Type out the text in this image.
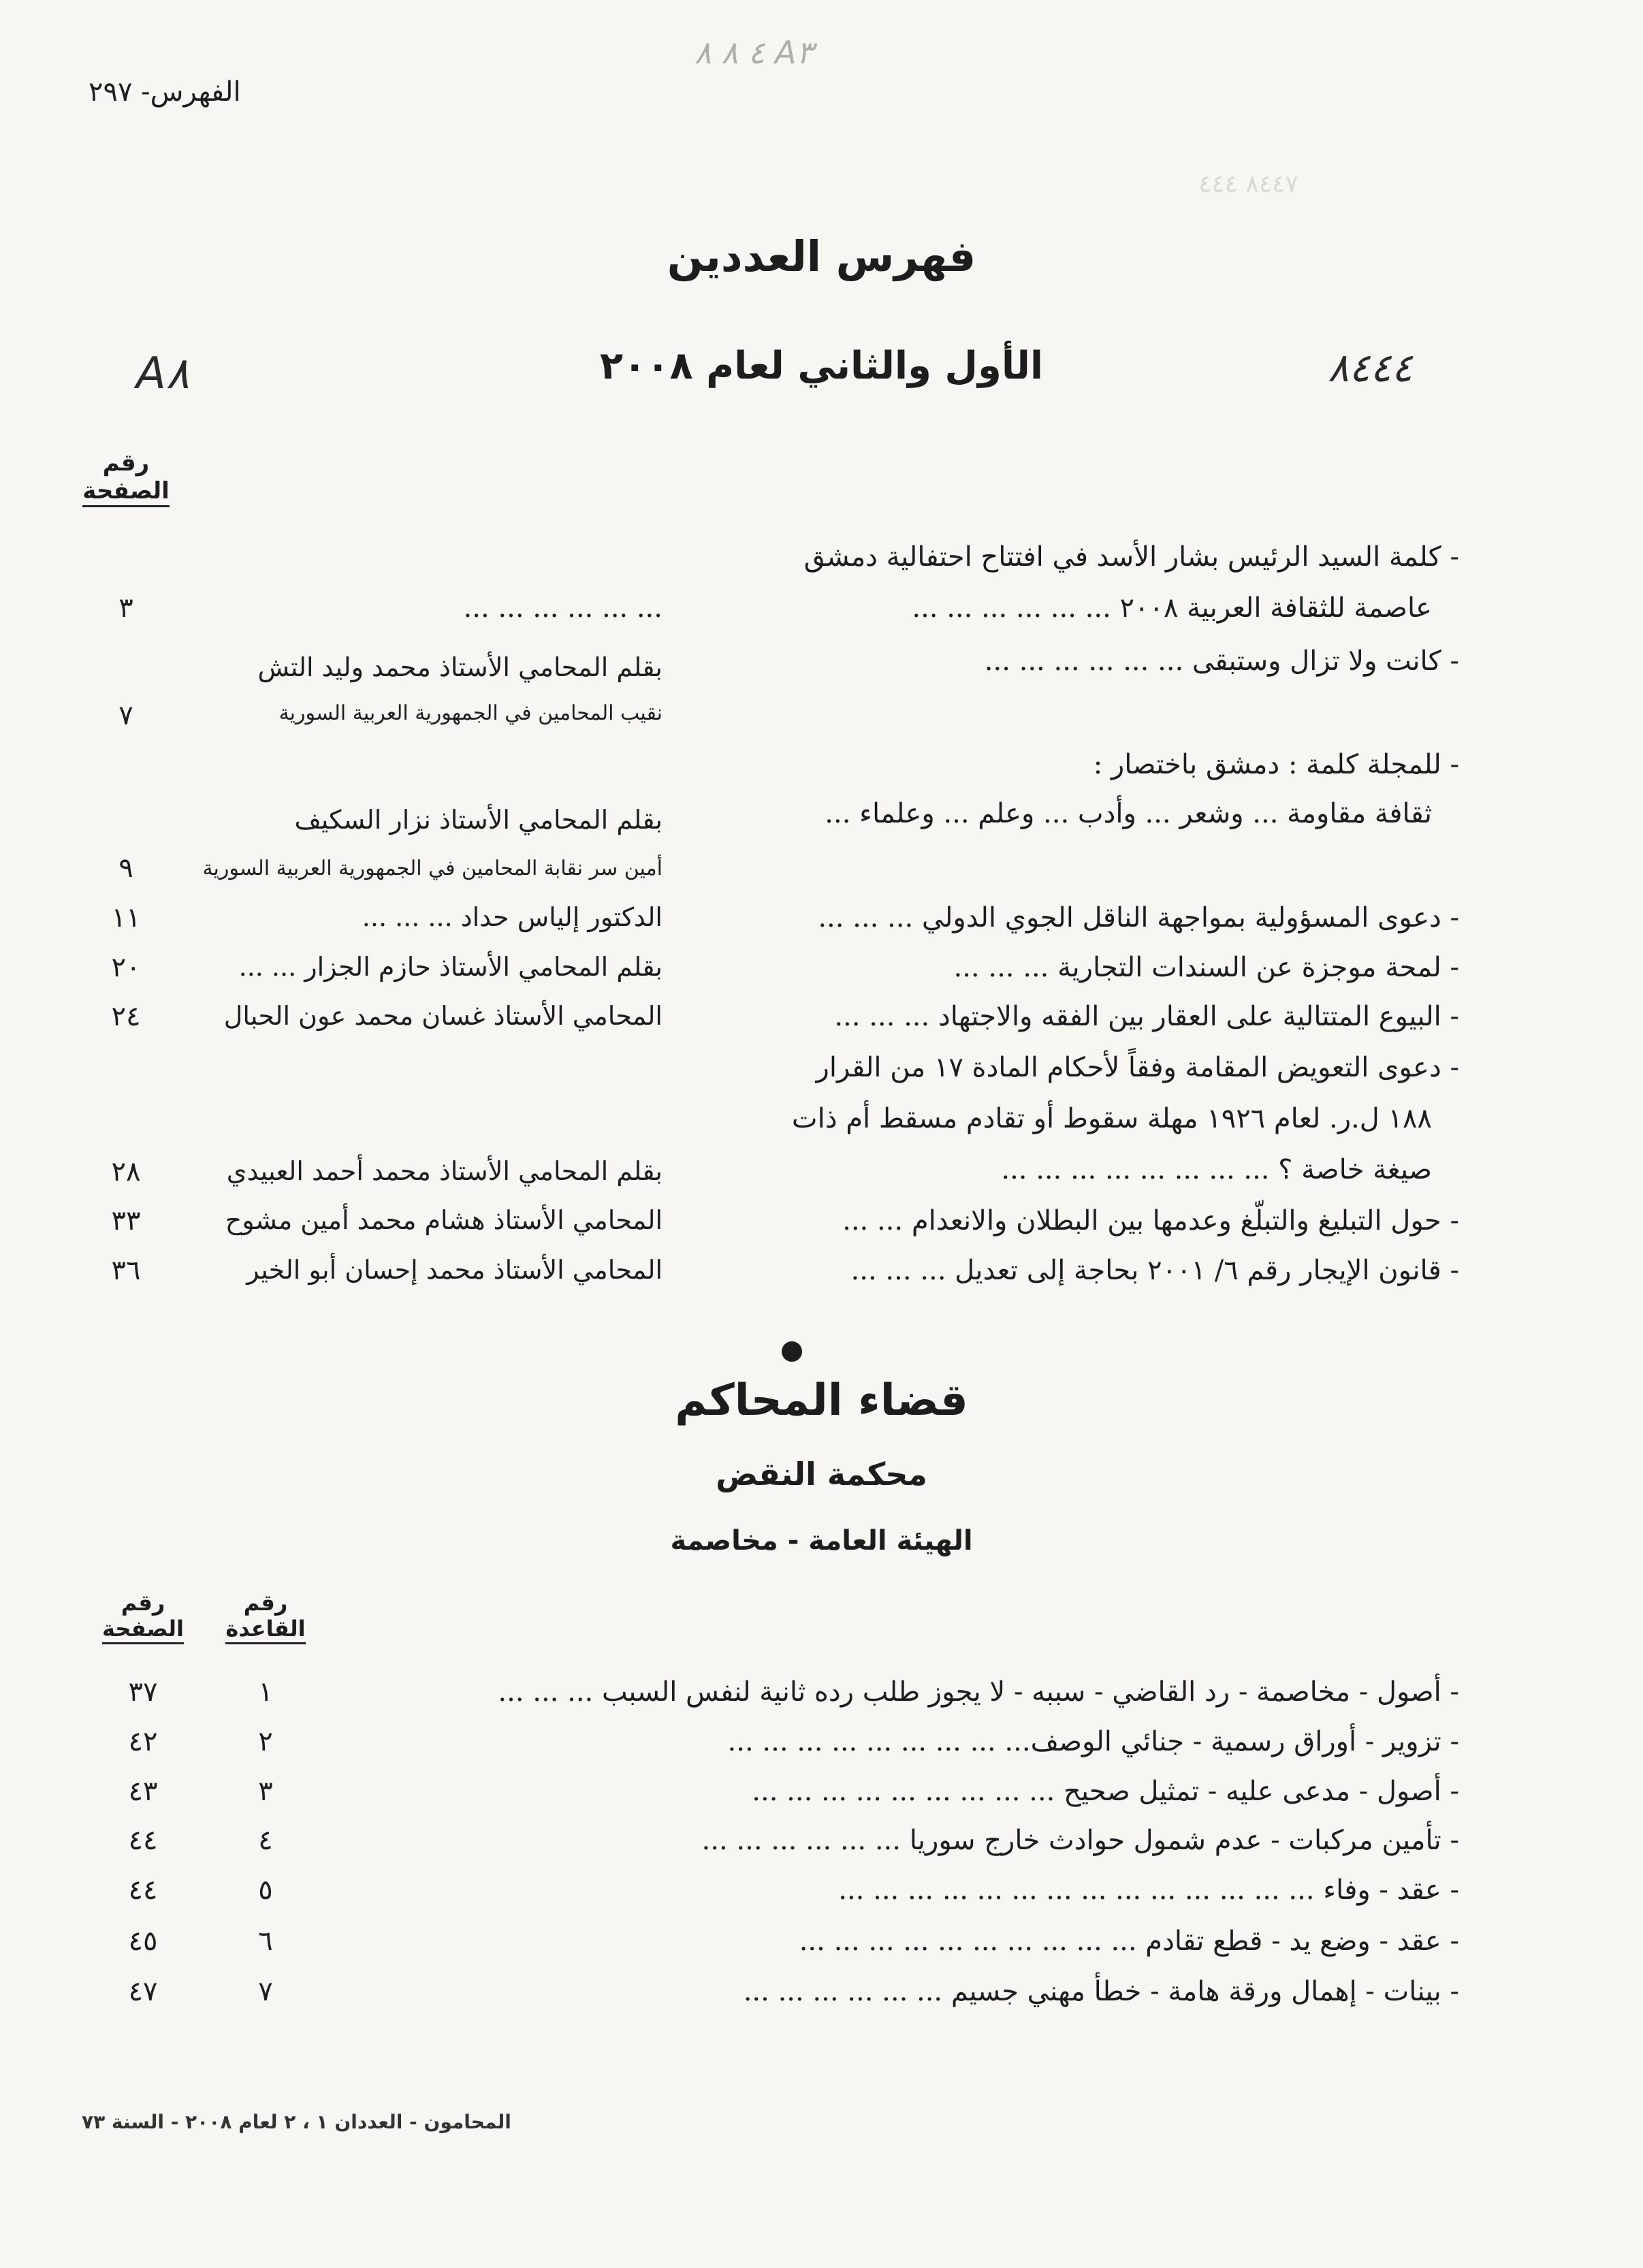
٨٤٤٧ ٤٤٤
الفهرس- ٢٩٧
A٣ ٤ ٨ ٨
A٨	٨٤٤٤
فهرس العددين
الأول والثاني لعام ٢٠٠٨
رقم
الصفحة
- كلمة السيد الرئيس بشار الأسد في افتتاح احتفالية دمشق
عاصمة للثقافة العربية ٢٠٠٨ ... ... ... ... ... ...
... ... ... ... ... ...
٣
- كانت ولا تزال وستبقى ... ... ... ... ... ...
بقلم المحامي الأستاذ محمد وليد التش
نقيب المحامين في الجمهورية العربية السورية
٧
- للمجلة كلمة : دمشق باختصار :
ثقافة مقاومة ... وشعر ... وأدب ... وعلم ... وعلماء ...
بقلم المحامي الأستاذ نزار السكيف
أمين سر نقابة المحامين في الجمهورية العربية السورية
٩
- دعوى المسؤولية بمواجهة الناقل الجوي الدولي ... ... ...
الدكتور إلياس حداد ... ... ...
١١
- لمحة موجزة عن السندات التجارية ... ... ...
بقلم المحامي الأستاذ حازم الجزار ... ...
٢٠
- البيوع المتتالية على العقار بين الفقه والاجتهاد ... ... ...
المحامي الأستاذ غسان محمد عون الحبال
٢٤
- دعوى التعويض المقامة وفقاً لأحكام المادة ١٧ من القرار
١٨٨ ل.ر. لعام ١٩٢٦ مهلة سقوط أو تقادم مسقط أم ذات
صيغة خاصة ؟ ... ... ... ... ... ... ... ...
بقلم المحامي الأستاذ محمد أحمد العبيدي
٢٨
- حول التبليغ والتبلّغ وعدمها بين البطلان والانعدام ... ...
المحامي الأستاذ هشام محمد أمين مشوح
٣٣
- قانون الإيجار رقم ٦/ ٢٠٠١ بحاجة إلى تعديل ... ... ...
المحامي الأستاذ محمد إحسان أبو الخير
٣٦
قضاء المحاكم
محكمة النقض
الهيئة العامة - مخاصمة
رقم
الصفحة
رقم
القاعدة
- أصول - مخاصمة - رد القاضي - سببه - لا يجوز طلب رده ثانية لنفس السبب ... ... ...
١
٣٧
- تزوير - أوراق رسمية - جنائي الوصف... ... ... ... ... ... ... ... ...
٢
٤٢
- أصول - مدعى عليه - تمثيل صحيح ... ... ... ... ... ... ... ... ...
٣
٤٣
- تأمين مركبات - عدم شمول حوادث خارج سوريا ... ... ... ... ... ...
٤
٤٤
- عقد - وفاء ... ... ... ... ... ... ... ... ... ... ... ... ... ...
٥
٤٤
- عقد - وضع يد - قطع تقادم ... ... ... ... ... ... ... ... ... ...
٦
٤٥
- بينات - إهمال ورقة هامة - خطأ مهني جسيم ... ... ... ... ... ...
٧
٤٧
المحامون - العددان ١ ، ٢ لعام ٢٠٠٨ - السنة ٧٣
